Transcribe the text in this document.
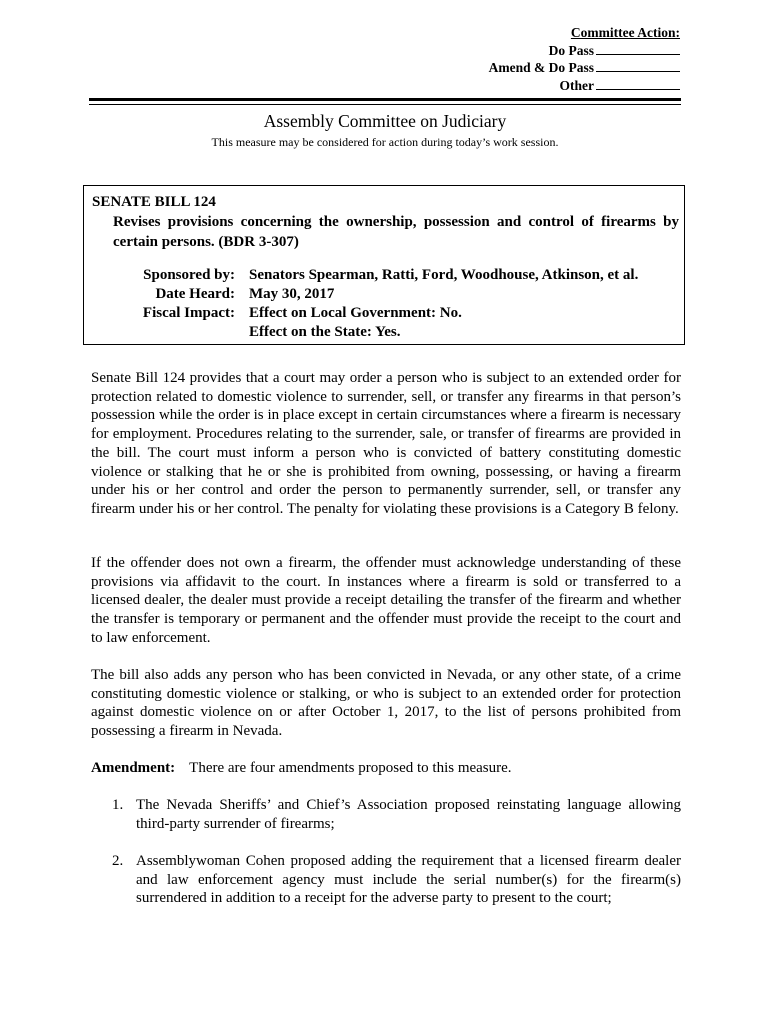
Committee Action:
Do Pass
Amend & Do Pass
Other
Assembly Committee on Judiciary
This measure may be considered for action during today’s work session.
SENATE BILL 124
Revises provisions concerning the ownership, possession and control of firearms by certain persons. (BDR 3-307)
Sponsored by: Senators Spearman, Ratti, Ford, Woodhouse, Atkinson, et al.
Date Heard: May 30, 2017
Fiscal Impact: Effect on Local Government: No.
Effect on the State: Yes.
Senate Bill 124 provides that a court may order a person who is subject to an extended order for protection related to domestic violence to surrender, sell, or transfer any firearms in that person’s possession while the order is in place except in certain circumstances where a firearm is necessary for employment. Procedures relating to the surrender, sale, or transfer of firearms are provided in the bill. The court must inform a person who is convicted of battery constituting domestic violence or stalking that he or she is prohibited from owning, possessing, or having a firearm under his or her control and order the person to permanently surrender, sell, or transfer any firearm under his or her control. The penalty for violating these provisions is a Category B felony.
If the offender does not own a firearm, the offender must acknowledge understanding of these provisions via affidavit to the court. In instances where a firearm is sold or transferred to a licensed dealer, the dealer must provide a receipt detailing the transfer of the firearm and whether the transfer is temporary or permanent and the offender must provide the receipt to the court and to law enforcement.
The bill also adds any person who has been convicted in Nevada, or any other state, of a crime constituting domestic violence or stalking, or who is subject to an extended order for protection against domestic violence on or after October 1, 2017, to the list of persons prohibited from possessing a firearm in Nevada.
Amendment: There are four amendments proposed to this measure.
1. The Nevada Sheriffs’ and Chief’s Association proposed reinstating language allowing third-party surrender of firearms;
2. Assemblywoman Cohen proposed adding the requirement that a licensed firearm dealer and law enforcement agency must include the serial number(s) for the firearm(s) surrendered in addition to a receipt for the adverse party to present to the court;
